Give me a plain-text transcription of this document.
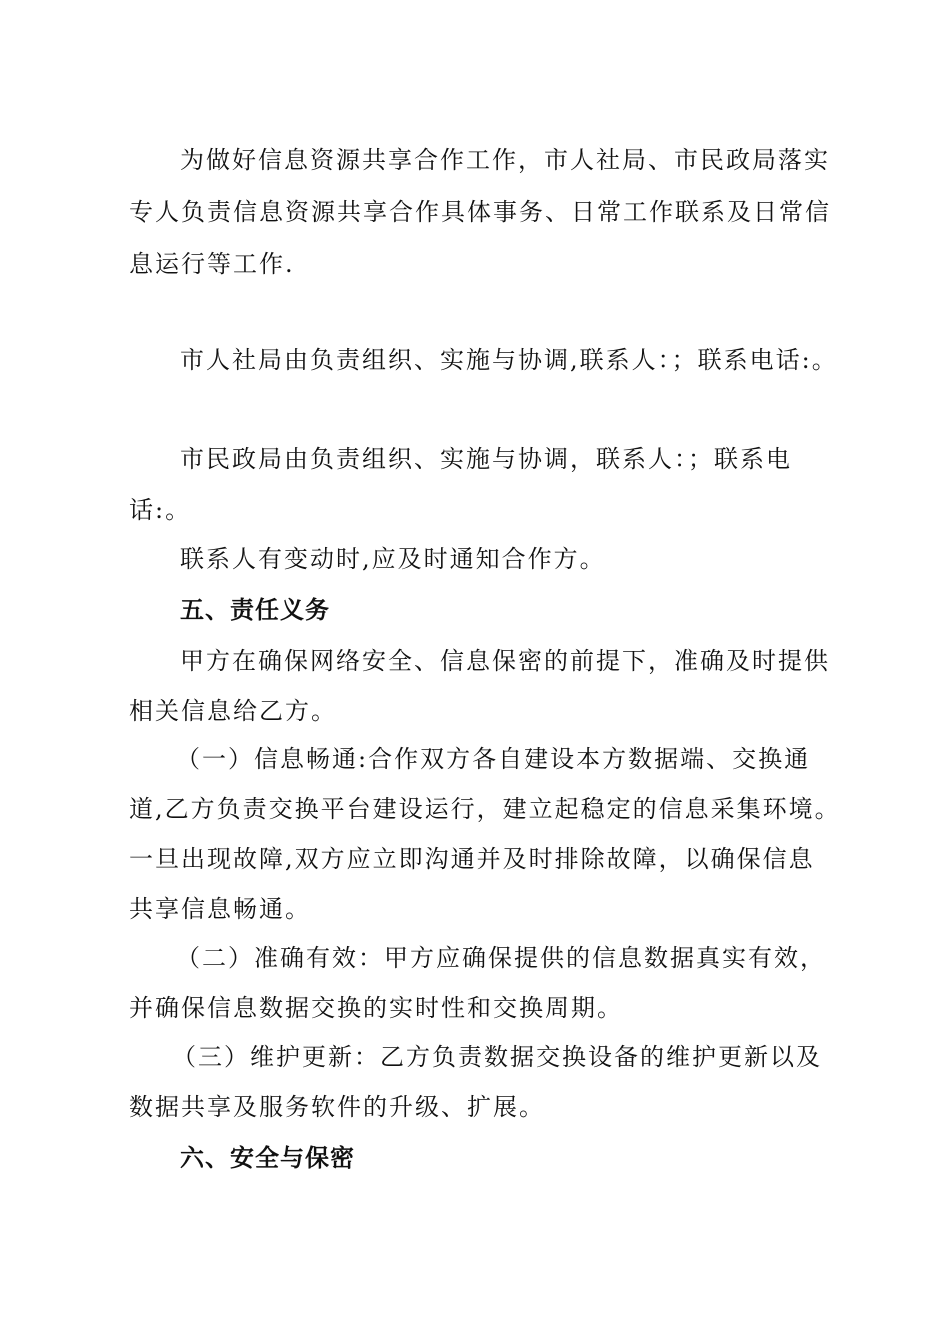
为做好信息资源共享合作工作，市人社局、市民政局落实
专人负责信息资源共享合作具体事务、日常工作联系及日常信
息运行等工作.
市人社局由负责组织、实施与协调,联系人：；联系电话:。
市民政局由负责组织、实施与协调，联系人：；联系电
话:。
联系人有变动时,应及时通知合作方。
五、责任义务
甲方在确保网络安全、信息保密的前提下，准确及时提供
相关信息给乙方。
（一）信息畅通:合作双方各自建设本方数据端、交换通
道,乙方负责交换平台建设运行，建立起稳定的信息采集环境。
一旦出现故障,双方应立即沟通并及时排除故障，以确保信息
共享信息畅通。
（二）准确有效：甲方应确保提供的信息数据真实有效，
并确保信息数据交换的实时性和交换周期。
（三）维护更新：乙方负责数据交换设备的维护更新以及
数据共享及服务软件的升级、扩展。
六、安全与保密
